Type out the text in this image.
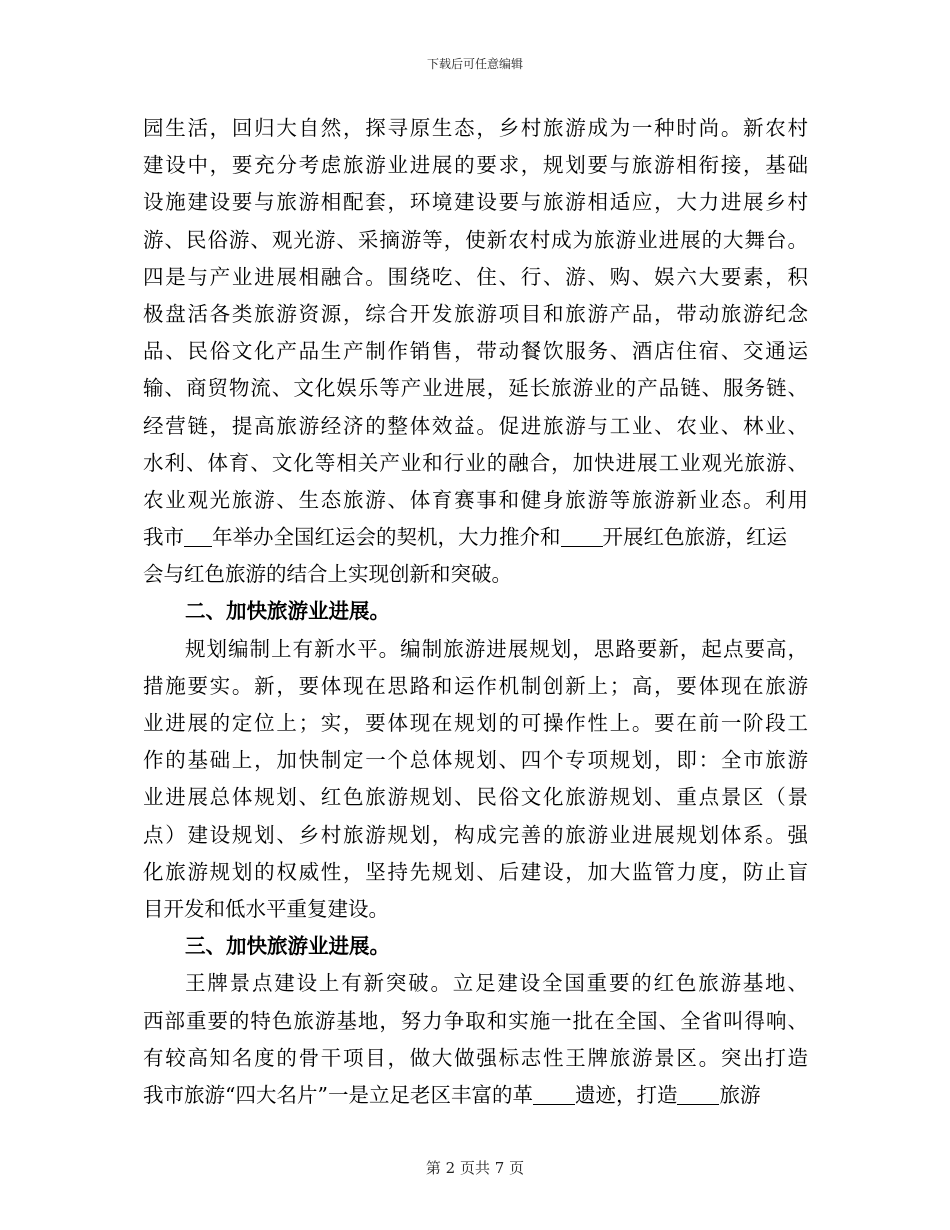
下载后可任意编辑
园生活，回归大自然，探寻原生态，乡村旅游成为一种时尚。新农村
建设中，要充分考虑旅游业进展的要求，规划要与旅游相衔接，基础
设施建设要与旅游相配套，环境建设要与旅游相适应，大力进展乡村
游、民俗游、观光游、采摘游等，使新农村成为旅游业进展的大舞台。
四是与产业进展相融合。围绕吃、住、行、游、购、娱六大要素，积
极盘活各类旅游资源，综合开发旅游项目和旅游产品，带动旅游纪念
品、民俗文化产品生产制作销售，带动餐饮服务、酒店住宿、交通运
输、商贸物流、文化娱乐等产业进展，延长旅游业的产品链、服务链、
经营链，提高旅游经济的整体效益。促进旅游与工业、农业、林业、
水利、体育、文化等相关产业和行业的融合，加快进展工业观光旅游、
农业观光旅游、生态旅游、体育赛事和健身旅游等旅游新业态。利用
我市 年举办全国红运会的契机，大力推介和 开展红色旅游，红运
会与红色旅游的结合上实现创新和突破。
二、加快旅游业进展。
规划编制上有新水平。编制旅游进展规划，思路要新，起点要高，
措施要实。新，要体现在思路和运作机制创新上；高，要体现在旅游
业进展的定位上；实，要体现在规划的可操作性上。要在前一阶段工
作的基础上，加快制定一个总体规划、四个专项规划，即：全市旅游
业进展总体规划、红色旅游规划、民俗文化旅游规划、重点景区（景
点）建设规划、乡村旅游规划，构成完善的旅游业进展规划体系。强
化旅游规划的权威性，坚持先规划、后建设，加大监管力度，防止盲
目开发和低水平重复建设。
三、加快旅游业进展。
王牌景点建设上有新突破。立足建设全国重要的红色旅游基地、
西部重要的特色旅游基地，努力争取和实施一批在全国、全省叫得响、
有较高知名度的骨干项目，做大做强标志性王牌旅游景区。突出打造
我市旅游“四大名片”一是立足老区丰富的革 遗迹，打造 旅游
第 2 页共 7 页
